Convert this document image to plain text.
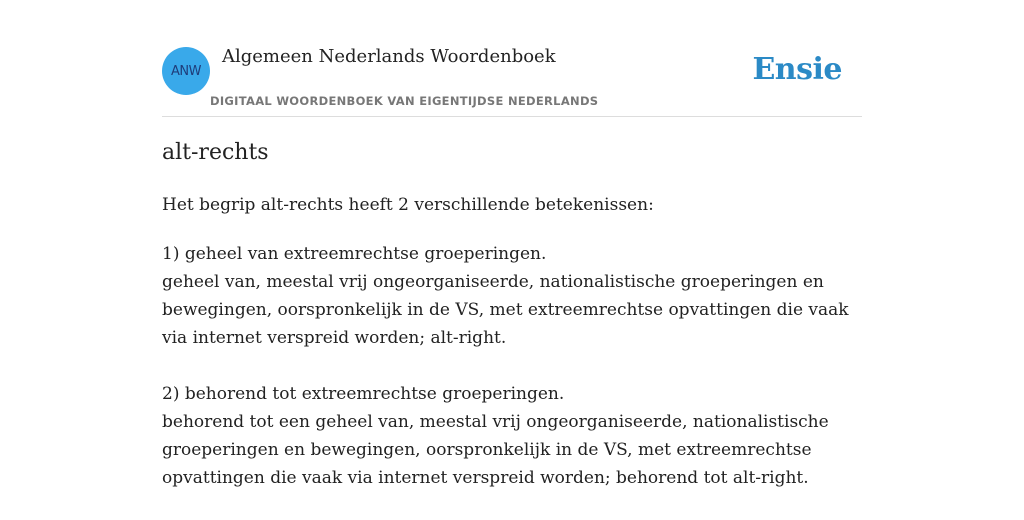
ANW
Algemeen Nederlands Woordenboek
DIGITAAL WOORDENBOEK VAN EIGENTIJDSE NEDERLANDS
Ensie
alt-rechts

Het begrip alt-rechts heeft 2 verschillende betekenissen:

1) geheel van extreemrechtse groeperingen.
geheel van, meestal vrij ongeorganiseerde, nationalistische groeperingen en bewegingen, oorspronkelijk in de VS, met extreemrechtse opvattingen die vaak via internet verspreid worden; alt-right.
2) behorend tot extreemrechtse groeperingen.
behorend tot een geheel van, meestal vrij ongeorganiseerde, nationalistische groeperingen en bewegingen, oorspronkelijk in de VS, met extreemrechtse opvattingen die vaak via internet verspreid worden; behorend tot alt-right.
